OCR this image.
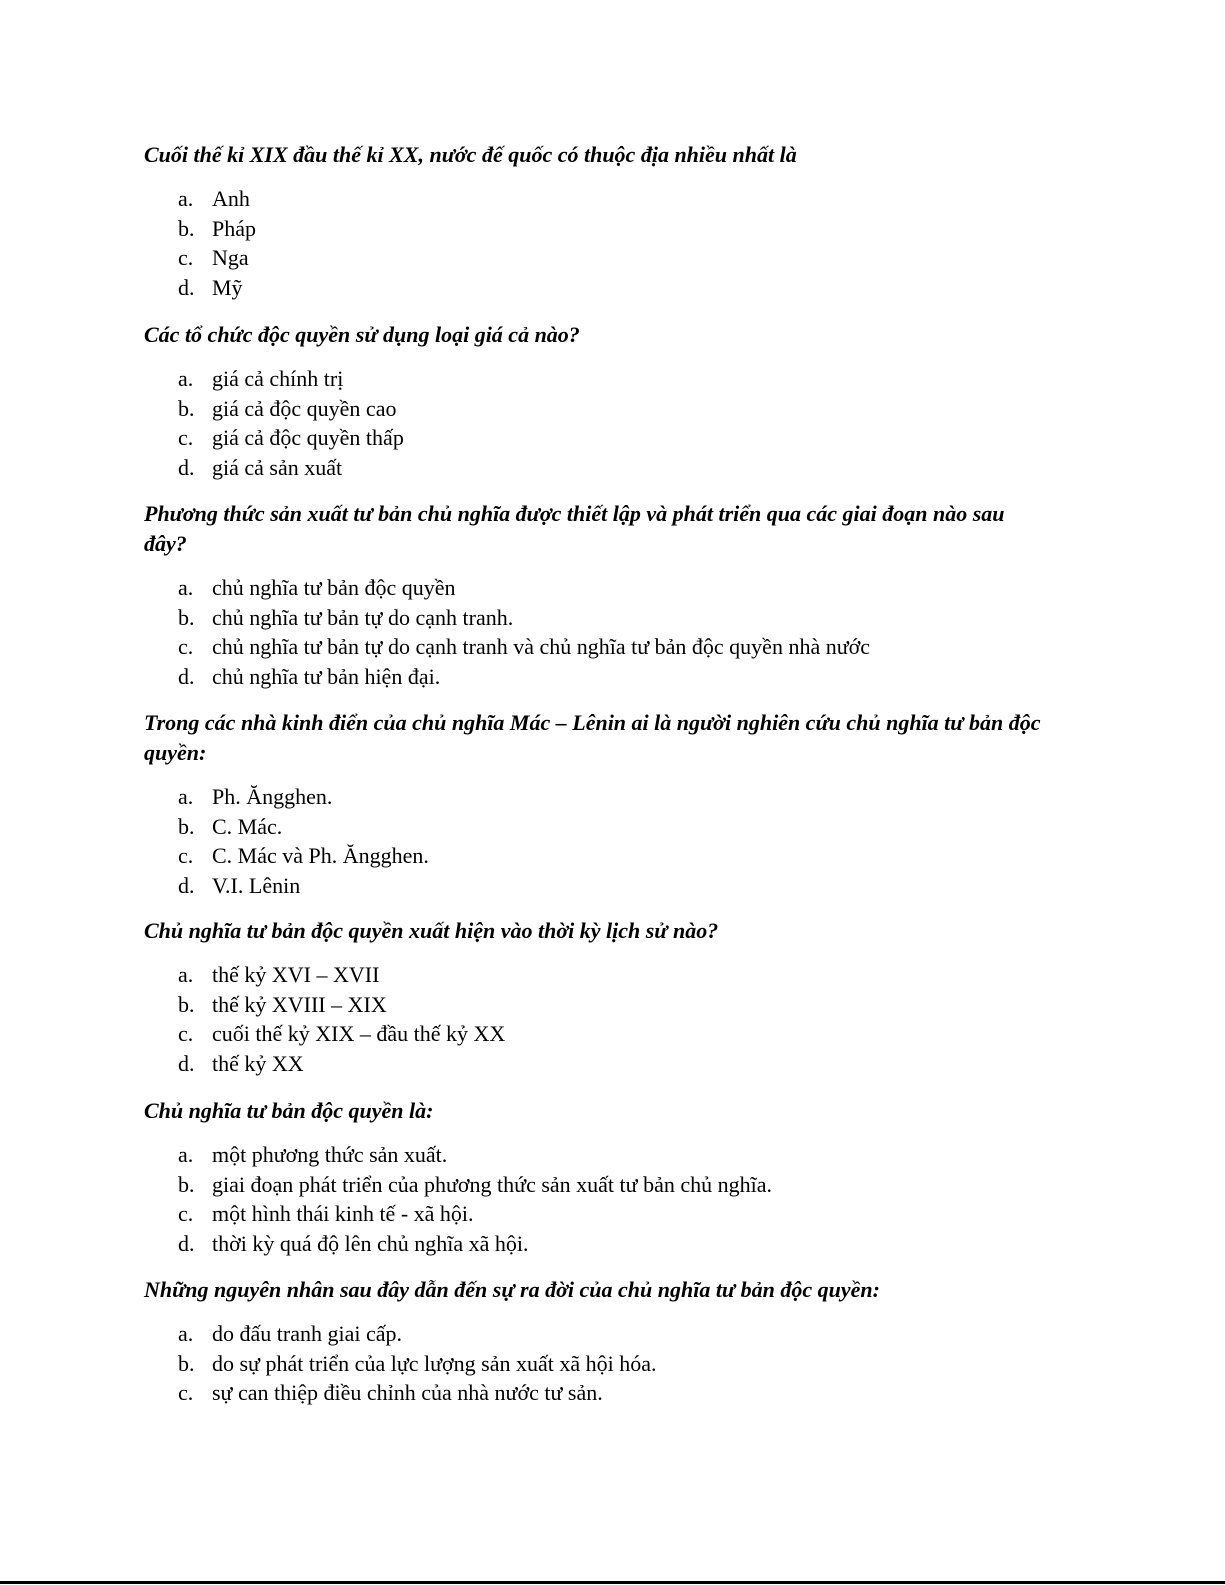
Cuối thế kỉ XIX đầu thế kỉ XX, nước đế quốc có thuộc địa nhiều nhất là

a. Anh
b. Pháp
c. Nga
d. Mỹ

Các tổ chức độc quyền sử dụng loại giá cả nào?

a. giá cả chính trị
b. giá cả độc quyền cao
c. giá cả độc quyền thấp
d. giá cả sản xuất

Phương thức sản xuất tư bản chủ nghĩa được thiết lập và phát triển qua các giai đoạn nào sau đây?

a. chủ nghĩa tư bản độc quyền
b. chủ nghĩa tư bản tự do cạnh tranh.
c. chủ nghĩa tư bản tự do cạnh tranh và chủ nghĩa tư bản độc quyền nhà nước
d. chủ nghĩa tư bản hiện đại.

Trong các nhà kinh điển của chủ nghĩa Mác – Lênin ai là người nghiên cứu chủ nghĩa tư bản độc quyền:

a. Ph. Ăngghen.
b. C. Mác.
c. C. Mác và Ph. Ăngghen.
d. V.I. Lênin

Chủ nghĩa tư bản độc quyền xuất hiện vào thời kỳ lịch sử nào?

a. thế kỷ XVI – XVII
b. thế kỷ XVIII – XIX
c. cuối thế kỷ XIX – đầu thế kỷ XX
d. thế kỷ XX

Chủ nghĩa tư bản độc quyền là:

a. một phương thức sản xuất.
b. giai đoạn phát triển của phương thức sản xuất tư bản chủ nghĩa.
c. một hình thái kinh tế - xã hội.
d. thời kỳ quá độ lên chủ nghĩa xã hội.

Những nguyên nhân sau đây dẫn đến sự ra đời của chủ nghĩa tư bản độc quyền:

a. do đấu tranh giai cấp.
b. do sự phát triển của lực lượng sản xuất xã hội hóa.
c. sự can thiệp điều chỉnh của nhà nước tư sản.
